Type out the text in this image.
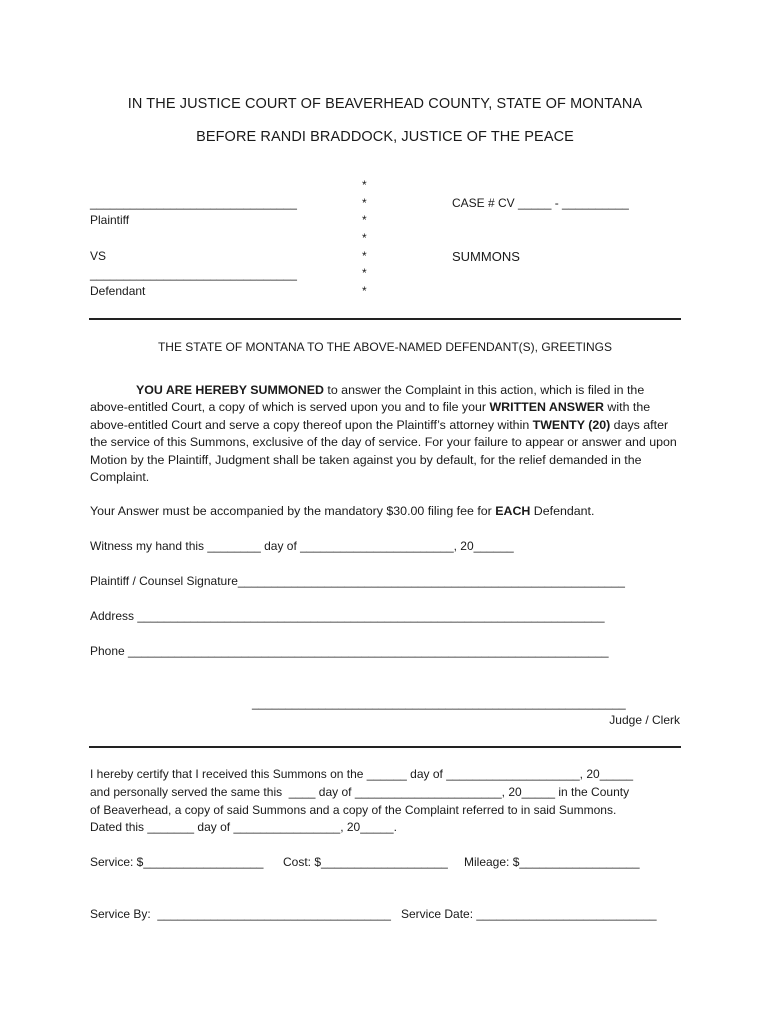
IN THE JUSTICE COURT OF BEAVERHEAD COUNTY, STATE OF MONTANA
BEFORE RANDI BRADDOCK, JUSTICE OF THE PEACE
_______________________________
Plaintiff
VS
_______________________________
Defendant
*
*
*
*
*
*
*
CASE # CV _____ - __________
SUMMONS
THE STATE OF MONTANA TO THE ABOVE-NAMED DEFENDANT(S), GREETINGS

YOU ARE HEREBY SUMMONED to answer the Complaint in this action, which is filed in the above-entitled Court, a copy of which is served upon you and to file your WRITTEN ANSWER with the above-entitled Court and serve a copy thereof upon the Plaintiff’s attorney within TWENTY (20) days after the service of this Summons, exclusive of the day of service. For your failure to appear or answer and upon Motion by the Plaintiff, Judgment shall be taken against you by default, for the relief demanded in the Complaint.

Your Answer must be accompanied by the mandatory $30.00 filing fee for EACH Defendant.
Witness my hand this ________ day of _______________________, 20______
Plaintiff / Counsel Signature__________________________________________________________
Address ______________________________________________________________________
Phone ________________________________________________________________________
________________________________________________________
Judge / Clerk
I hereby certify that I received this Summons on the ______ day of ____________________, 20_____
and personally served the same this  ____ day of ______________________, 20_____ in the County
of Beaverhead, a copy of said Summons and a copy of the Complaint referred to in said Summons.
Dated this _______ day of ________________, 20_____.
Service: $__________________ Cost: $___________________ Mileage: $__________________
Service By:  ___________________________________ Service Date: ___________________________
